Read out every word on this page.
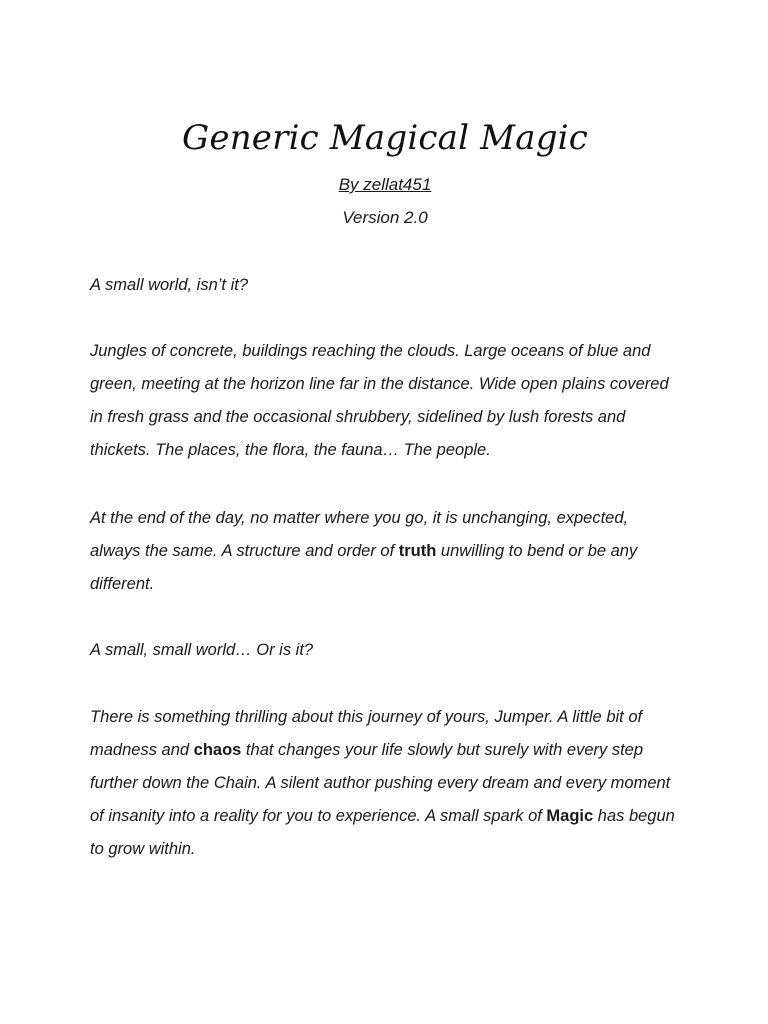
Generic Magical Magic
By zellat451
Version 2.0

A small world, isn’t it?

Jungles of concrete, buildings reaching the clouds. Large oceans of blue and green, meeting at the horizon line far in the distance. Wide open plains covered in fresh grass and the occasional shrubbery, sidelined by lush forests and thickets. The places, the flora, the fauna… The people.

At the end of the day, no matter where you go, it is unchanging, expected, always the same. A structure and order of truth unwilling to bend or be any different.

A small, small world… Or is it?

There is something thrilling about this journey of yours, Jumper. A little bit of madness and chaos that changes your life slowly but surely with every step further down the Chain. A silent author pushing every dream and every moment of insanity into a reality for you to experience. A small spark of Magic has begun to grow within.
